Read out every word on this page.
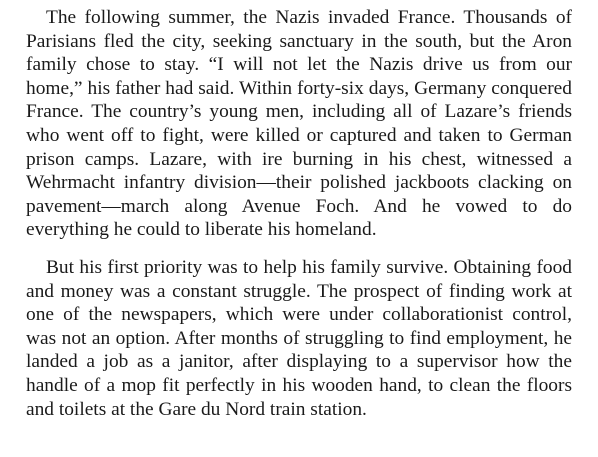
The following summer, the Nazis invaded France. Thousands of Parisians fled the city, seeking sanctuary in the south, but the Aron family chose to stay. “I will not let the Nazis drive us from our home,” his father had said. Within forty-six days, Germany conquered France. The country’s young men, including all of Lazare’s friends who went off to fight, were killed or captured and taken to German prison camps. Lazare, with ire burning in his chest, witnessed a Wehrmacht infantry division—their polished jackboots clacking on pavement—march along Avenue Foch. And he vowed to do everything he could to liberate his homeland.

But his first priority was to help his family survive. Obtaining food and money was a constant struggle. The prospect of finding work at one of the newspapers, which were under collaborationist control, was not an option. After months of struggling to find employment, he landed a job as a janitor, after displaying to a supervisor how the handle of a mop fit perfectly in his wooden hand, to clean the floors and toilets at the Gare du Nord train station.
